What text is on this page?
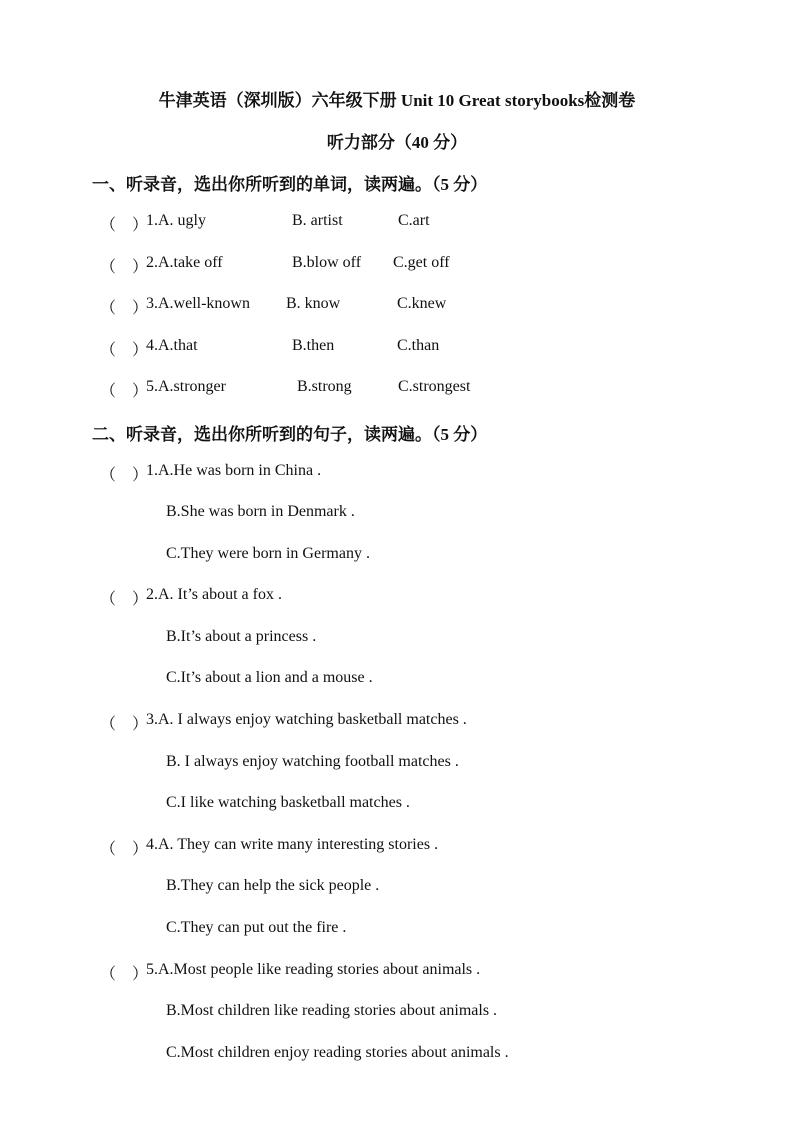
牛津英语（深圳版）六年级下册 Unit 10 Great storybooks检测卷
听力部分（40 分）
一、听录音，选出你所听到的单词，读两遍。（5 分）
（　）
1.A. ugly	B. artist	C.art
（　）
2.A.take off	B.blow off C.get off
（　）
3.A.well-known B. know	C.knew
（　）
4.A.that	B.then	C.than
（　）
5.A.stronger	B.strong	C.strongest
二、听录音，选出你所听到的句子，读两遍。（5 分）
（　）
1.A.He was born in China .
B.She was born in Denmark .
C.They were born in Germany .
（　）
2.A. It’s about a fox .
B.It’s about a princess .
C.It’s about a lion and a mouse .
（　）
3.A. I always enjoy watching basketball matches .
B. I always enjoy watching football matches .
C.I like watching basketball matches .
（　）
4.A. They can write many interesting stories .
B.They can help the sick people .
C.They can put out the fire .
（　）
5.A.Most people like reading stories about animals .
B.Most children like reading stories about animals .
C.Most children enjoy reading stories about animals .
